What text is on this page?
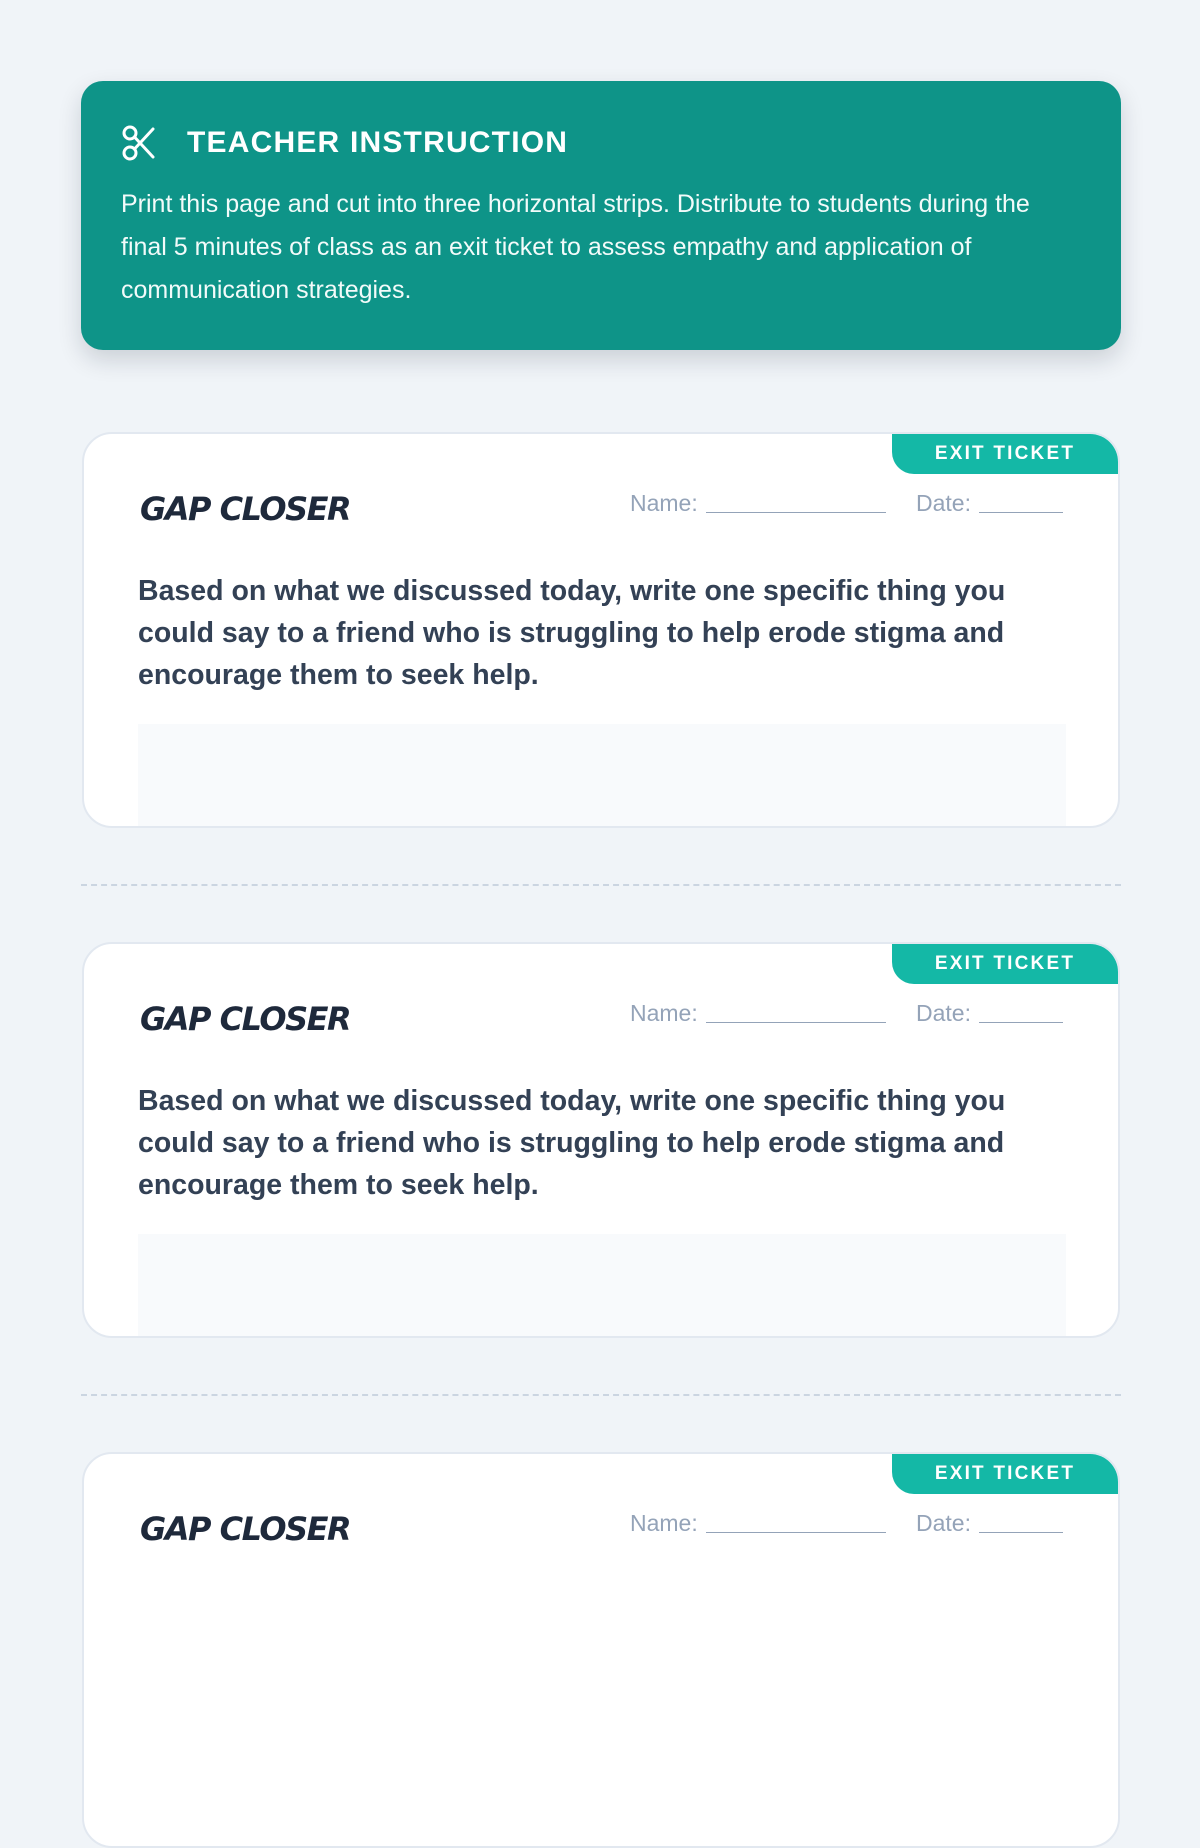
TEACHER INSTRUCTION
Print this page and cut into three horizontal strips. Distribute to students during the final 5 minutes of class as an exit ticket to assess empathy and application of communication strategies.
EXIT TICKET
GAP CLOSER	Name:	Date:
Based on what we discussed today, write one specific thing you could say to a friend who is struggling to help erode stigma and encourage them to seek help.
EXIT TICKET
GAP CLOSER	Name:	Date:
Based on what we discussed today, write one specific thing you could say to a friend who is struggling to help erode stigma and encourage them to seek help.
EXIT TICKET
GAP CLOSER	Name:	Date:
